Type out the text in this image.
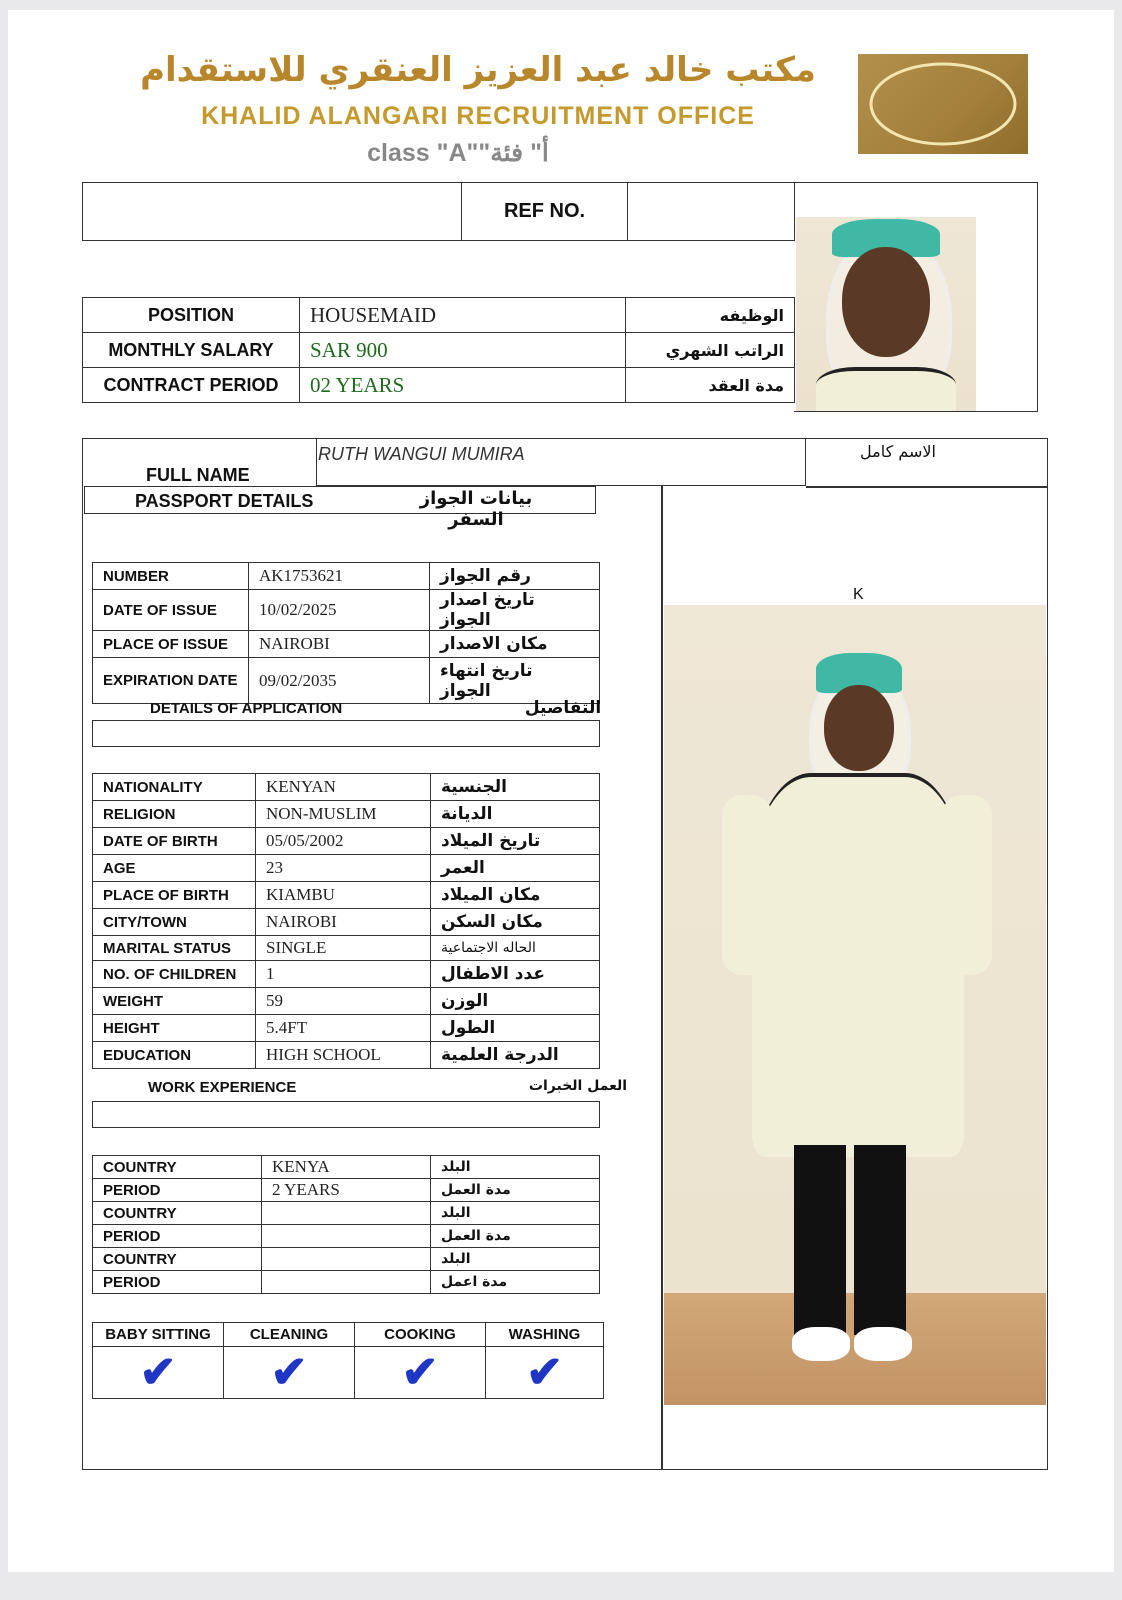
مكتب خالد عبد العزيز العنقري للاستقدام
KHALID ALANGARI RECRUITMENT OFFICE
class "A""أ" فئة
	REF NO.	
POSITION	HOUSEMAID	الوظيفه
MONTHLY SALARY	SAR 900	الراتب الشهري
CONTRACT PERIOD	02 YEARS	مدة العقد
FULL NAME
RUTH WANGUI MUMIRA	الاسم كامل
PASSPORT DETAILS	بيانات الجواز السفر
NUMBER	AK1753621	رقم الجواز
DATE OF ISSUE	10/02/2025	تاريخ اصدار الجواز
PLACE OF ISSUE	NAIROBI	مكان الاصدار
EXPIRATION DATE	09/02/2035	تاريخ انتهاء الجواز
DETAILS OF APPLICATION	التفاصيل
NATIONALITY	KENYAN	الجنسية
RELIGION	NON-MUSLIM	الديانة
DATE OF BIRTH	05/05/2002	تاريخ الميلاد
AGE	23	العمر
PLACE OF BIRTH	KIAMBU	مكان الميلاد
CITY/TOWN	NAIROBI	مكان السكن
MARITAL STATUS	SINGLE	الحاله الاجتماعية
NO. OF CHILDREN	1	عدد الاطفال
WEIGHT	59	الوزن
HEIGHT	5.4FT	الطول
EDUCATION	HIGH SCHOOL	الدرجة العلمية
WORK EXPERIENCE	العمل الخبرات
COUNTRY	KENYA	البلد
PERIOD	2 YEARS	مدة العمل
COUNTRY		البلد
PERIOD		مدة العمل
COUNTRY		البلد
PERIOD		مدة اعمل
BABY SITTING	CLEANING	COOKING	WASHING
✔	✔	✔	✔
K
